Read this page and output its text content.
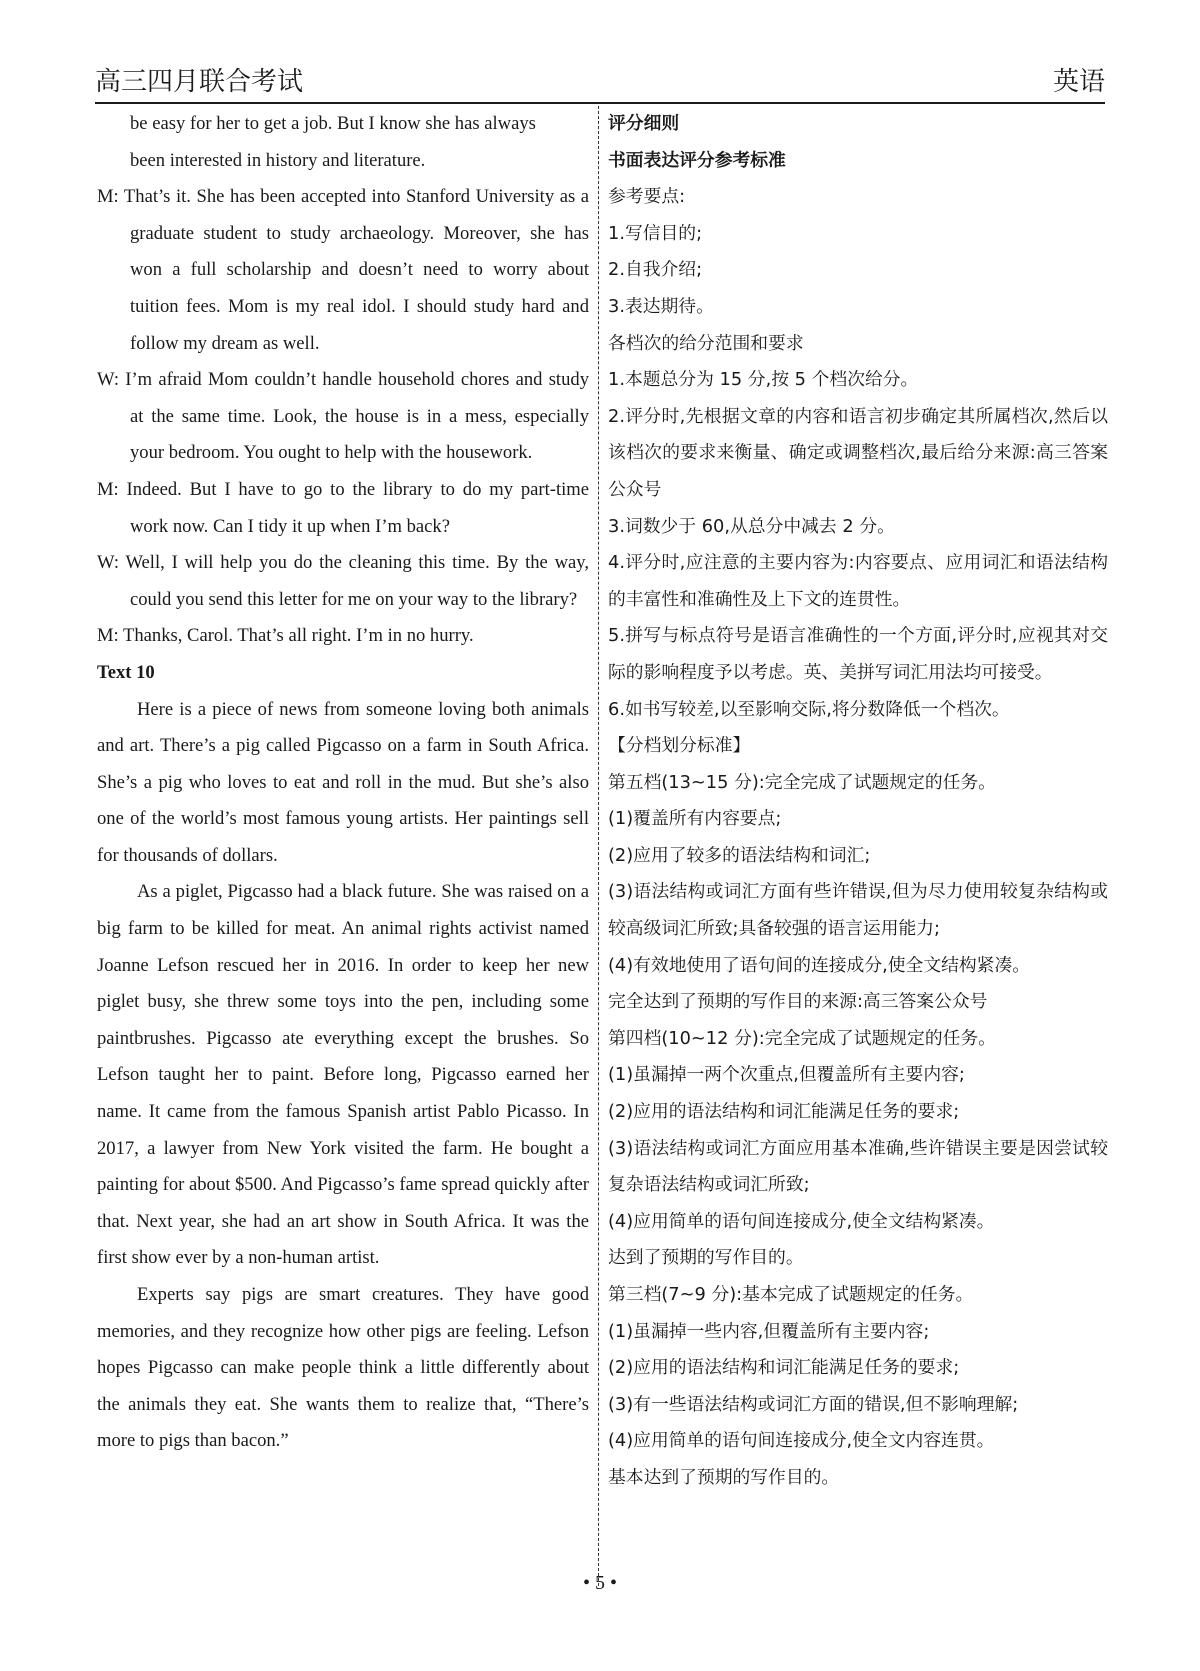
高三四月联合考试	英语

be easy for her to get a job. But I know she has always

been interested in history and literature.

M: That’s it. She has been accepted into Stanford University as a graduate student to study archaeology. Moreover, she has won a full scholarship and doesn’t need to worry about tuition fees. Mom is my real idol. I should study hard and follow my dream as well.

W: I’m afraid Mom couldn’t handle household chores and study at the same time. Look, the house is in a mess, especially your bedroom. You ought to help with the housework.

M: Indeed. But I have to go to the library to do my part-time work now. Can I tidy it up when I’m back?

W: Well, I will help you do the cleaning this time. By the way, could you send this letter for me on your way to the library?

M: Thanks, Carol. That’s all right. I’m in no hurry.

Text 10

Here is a piece of news from someone loving both animals and art. There’s a pig called Pigcasso on a farm in South Africa. She’s a pig who loves to eat and roll in the mud. But she’s also one of the world’s most famous young artists. Her paintings sell for thousands of dollars.

As a piglet, Pigcasso had a black future. She was raised on a big farm to be killed for meat. An animal rights activist named Joanne Lefson rescued her in 2016. In order to keep her new piglet busy, she threw some toys into the pen, including some paintbrushes. Pigcasso ate everything except the brushes. So Lefson taught her to paint. Before long, Pigcasso earned her name. It came from the famous Spanish artist Pablo Picasso. In 2017, a lawyer from New York visited the farm. He bought a painting for about $500. And Pigcasso’s fame spread quickly after that. Next year, she had an art show in South Africa. It was the first show ever by a non-human artist.

Experts say pigs are smart creatures. They have good memories, and they recognize how other pigs are feeling. Lefson hopes Pigcasso can make people think a little differently about the animals they eat. She wants them to realize that, “There’s more to pigs than bacon.”

评分细则

书面表达评分参考标准

参考要点:

1.写信目的;

2.自我介绍;

3.表达期待。

各档次的给分范围和要求

1.本题总分为 15 分,按 5 个档次给分。

2.评分时,先根据文章的内容和语言初步确定其所属档次,然后以该档次的要求来衡量、确定或调整档次,最后给分来源:高三答案公众号

3.词数少于 60,从总分中减去 2 分。

4.评分时,应注意的主要内容为:内容要点、应用词汇和语法结构的丰富性和准确性及上下文的连贯性。

5.拼写与标点符号是语言准确性的一个方面,评分时,应视其对交际的影响程度予以考虑。英、美拼写词汇用法均可接受。

6.如书写较差,以至影响交际,将分数降低一个档次。

【分档划分标准】

第五档(13~15 分):完全完成了试题规定的任务。

(1)覆盖所有内容要点;

(2)应用了较多的语法结构和词汇;

(3)语法结构或词汇方面有些许错误,但为尽力使用较复杂结构或较高级词汇所致;具备较强的语言运用能力;

(4)有效地使用了语句间的连接成分,使全文结构紧凑。

完全达到了预期的写作目的来源:高三答案公众号

第四档(10~12 分):完全完成了试题规定的任务。

(1)虽漏掉一两个次重点,但覆盖所有主要内容;

(2)应用的语法结构和词汇能满足任务的要求;

(3)语法结构或词汇方面应用基本准确,些许错误主要是因尝试较复杂语法结构或词汇所致;

(4)应用简单的语句间连接成分,使全文结构紧凑。

达到了预期的写作目的。

第三档(7~9 分):基本完成了试题规定的任务。

(1)虽漏掉一些内容,但覆盖所有主要内容;

(2)应用的语法结构和词汇能满足任务的要求;

(3)有一些语法结构或词汇方面的错误,但不影响理解;

(4)应用简单的语句间连接成分,使全文内容连贯。

基本达到了预期的写作目的。

• 5 •
